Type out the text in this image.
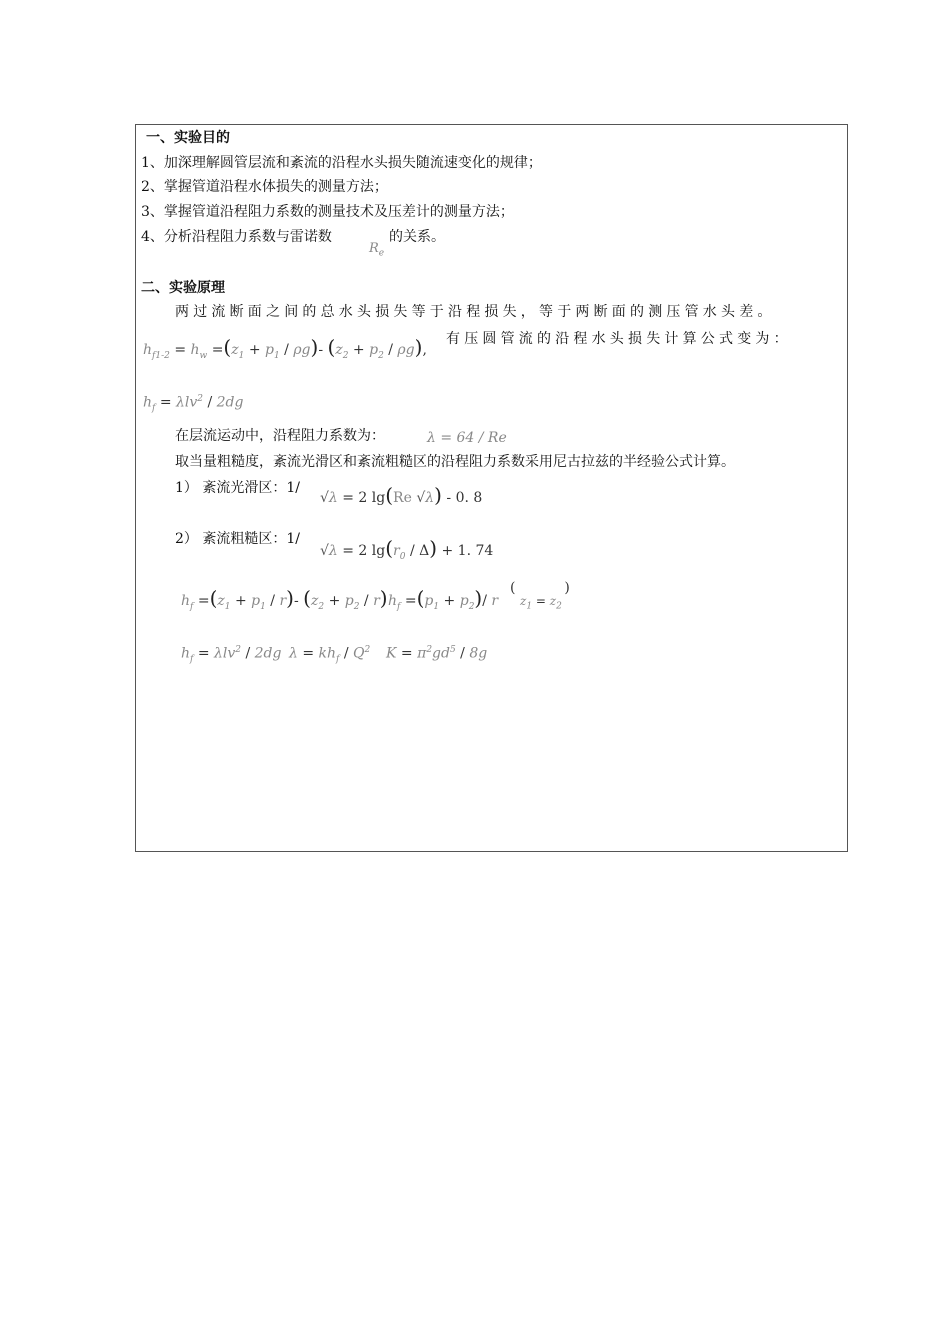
一、实验目的
1、加深理解圆管层流和紊流的沿程水头损失随流速变化的规律；
2、掌握管道沿程水体损失的测量方法；
3、掌握管道沿程阻力系数的测量技术及压差计的测量方法；
4、分析沿程阻力系数与雷诺数
$R_e$
的关系。
二、实验原理
两过流断面之间的总水头损失等于沿程损失，等于两断面的测压管水头差。
$h_{f1-2} = h_w =(z_1 + p_1 / \rho g)-$ $(z_2 + p_2 / \rho g)$,
有压圆管流的沿程水头损失计算公式变为：
$h_f = \lambda lv^2 / 2dg$
在层流运动中，沿程阻力系数为：	λ = 64 / Re
取当量粗糙度，紊流光滑区和紊流粗糙区的沿程阻力系数采用尼古拉兹的半经验公式计算。
1） 紊流光滑区：1/
√λ = 2 lg(Re √λ) - 0. 8
2） 紊流粗糙区：1/
√λ = 2 $\lg(r_0 / \Delta) + 1$. 74
$h_f =(z_1 + p_1 / r)-$ $(z_2 + p_2 / r)$ $h_f =(p_1 + p_2)/$ r
(	)
$z_1 = z_2$
$h_f = \lambda lv^2 / 2dg$ $\lambda = kh_f / Q^2$ $K = \pi^2gd^5 / 8g$
